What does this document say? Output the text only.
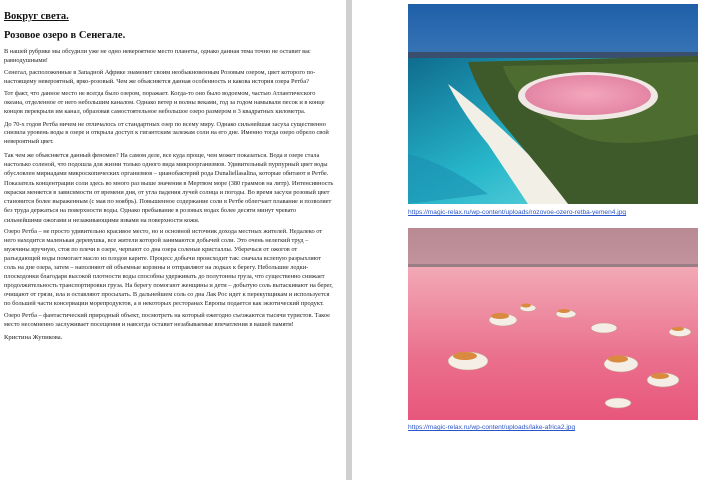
Вокруг света.

Розовое озеро в Сенегале.

В нашей рубрике мы обсудили уже не одно невероятное место планеты, однако данная тема точно не оставит вас равнодушными!

Сенегал, расположенные в Западной Африке знаменит своим необыкновенным Розовым озером, цвет которого по-настоящему невероятный, ярко-розовый. Чем же объясняется данная особенность и какова история озера Ретба?

Тот факт, что данное место не всегда было озером, поражает. Когда-то оно было водоемом, частью Атлантического океана, отделенное от него небольшим каналом. Однако ветер и волны веками, год за годом намывали песок и в конце концов перекрыли им канал, образовав самостоятельное небольшое озеро размером в 3 квадратных километра.

До 70-х годов Ретба ничем не отличалось от стандартных озер по всему миру. Однако сильнейшая засуха существенно снизила уровень воды в озере и открыла доступ к гигантским залежам соли на его дне. Именно тогда озеро обрело свой невероятный цвет.

Так чем же объясняется данный феномен? На самом деле, все куда проще, чем может показаться. Вода в озере стала настолько соленой, что подошла для жизни только одного вида микроорганизмов. Удивительный пурпурный цвет воды обусловлен мириадами микроскопических организмов – цианобактерий рода Dunaliellasalina, которые обитают в Ретбе. Показатель концентрации соли здесь во много раз выше значения в Мертвом море (380 граммов на литр). Интенсивность окраски меняется в зависимости от времени дня, от угла падения лучей солнца и погоды. Во время засухи розовый цвет становится более выраженным (с мая по ноябрь). Повышенное содержание соли в Ретбе облегчает плавание и позволяет без труда держаться на поверхности воды. Однако пребывание в розовых водах более десяти минут чревато сильнейшими ожогами и незаживающими язвами на поверхности кожи.

Озеро Ретба – не просто удивительно красивое место, но и основной источник дохода местных жителей. Недалеко от него находится маленькая деревушка, все жители которой занимаются добычей соли. Это очень нелегкий труд – мужчины вручную, стоя по плечи в озере, черпают со дна озера соленые кристаллы. Уберечься от ожогов от разъедающей воды помогает масло из плодов карите. Процесс добычи происходит так: сначала вслепую разрыхляют соль на дне озера, затем – наполняют ей объемные корзины и отправляют на лодках к берегу. Небольшие лодки-плоскодонки благодаря высокой плотности воды способны удерживать до полутонны груза, что существенно снижает продолжительность транспортировки груза. На берегу помогают женщины и дети – добытую соль вытаскивают на берег, очищают от грязи, ила и оставляют просыхать. В дальнейшем соль со дна Лак Рос идет к перекупщикам и используется по большей части консервации морепродуктов, а в некоторых ресторанах Европы подается как экзотический продукт.

Озеро Ретба – фантастический природный объект, посмотреть на который ежегодно съезжаются тысячи туристов. Такое место несомненно заслуживает посещения и навсегда оставит незабываемые впечатления в вашей памяти!

Кристина Жупикова.

https://magic-relax.ru/wp-content/uploads/rozovoe-ozero-retba-yemen4.jpg
https://magic-relax.ru/wp-content/uploads/lake-africa2.jpg
